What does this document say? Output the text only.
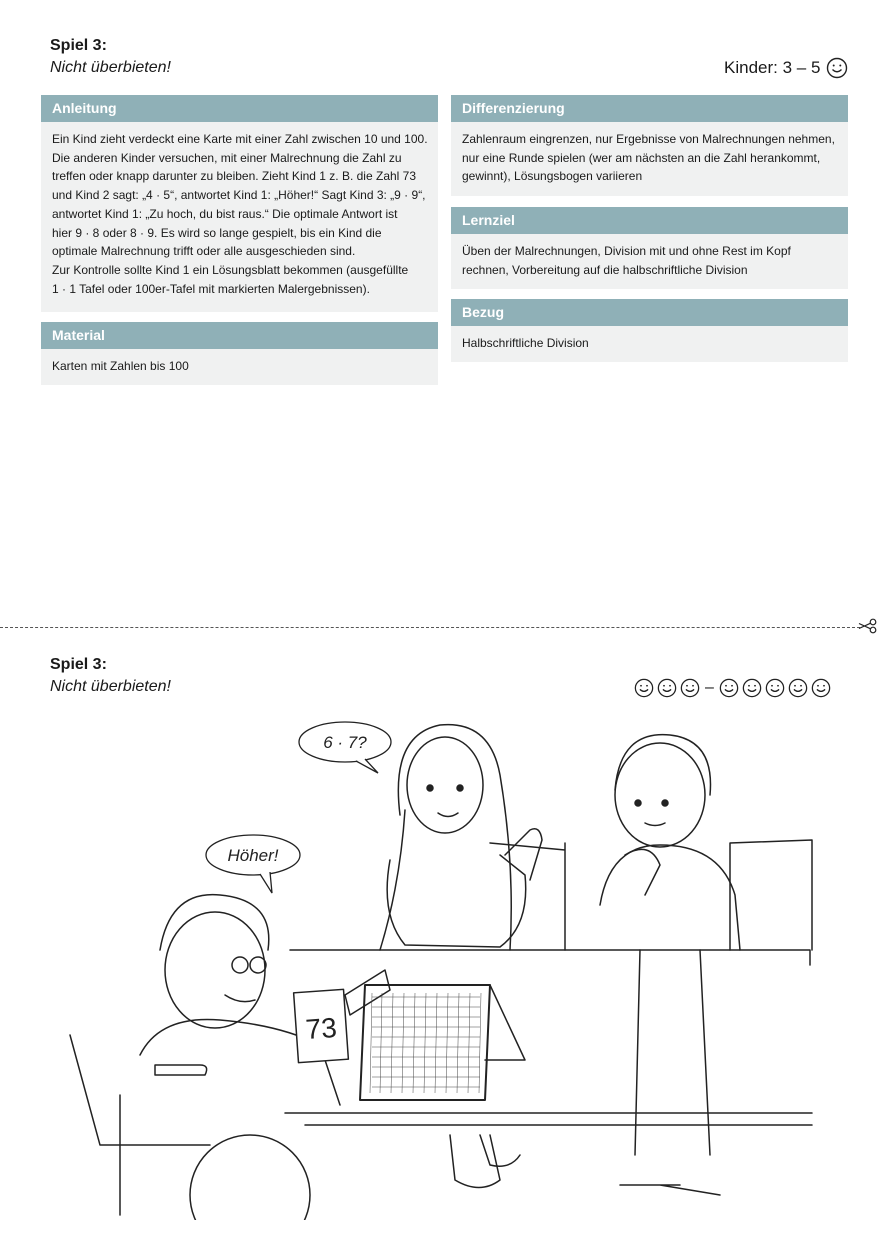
Spiel 3:
Nicht überbieten!	Kinder: 3 – 5
Anleitung

Ein Kind zieht verdeckt eine Karte mit einer Zahl zwischen 10 und 100.

Die anderen Kinder versuchen, mit einer Malrechnung die Zahl zu

treffen oder knapp darunter zu bleiben. Zieht Kind 1 z. B. die Zahl 73

und Kind 2 sagt: „4 · 5“, antwortet Kind 1: „Höher!“ Sagt Kind 3: „9 · 9“,

antwortet Kind 1: „Zu hoch, du bist raus.“ Die optimale Antwort ist

hier 9 · 8 oder 8 · 9. Es wird so lange gespielt, bis ein Kind die

optimale Malrechnung trifft oder alle ausgeschieden sind.

Zur Kontrolle sollte Kind 1 ein Lösungsblatt bekommen (ausgefüllte

1 · 1 Tafel oder 100er-Tafel mit markierten Malergebnissen).

Material

Karten mit Zahlen bis 100

Differenzierung

Zahlenraum eingrenzen, nur Ergebnisse von Malrechnungen nehmen,

nur eine Runde spielen (wer am nächsten an die Zahl herankommt,

gewinnt), Lösungsbogen variieren

Lernziel

Üben der Malrechnungen, Division mit und ohne Rest im Kopf

rechnen, Vorbereitung auf die halbschriftliche Division

Bezug

Halbschriftliche Division

Spiel 3:
Nicht überbieten!	–
6 · 7?
Höher!
73
